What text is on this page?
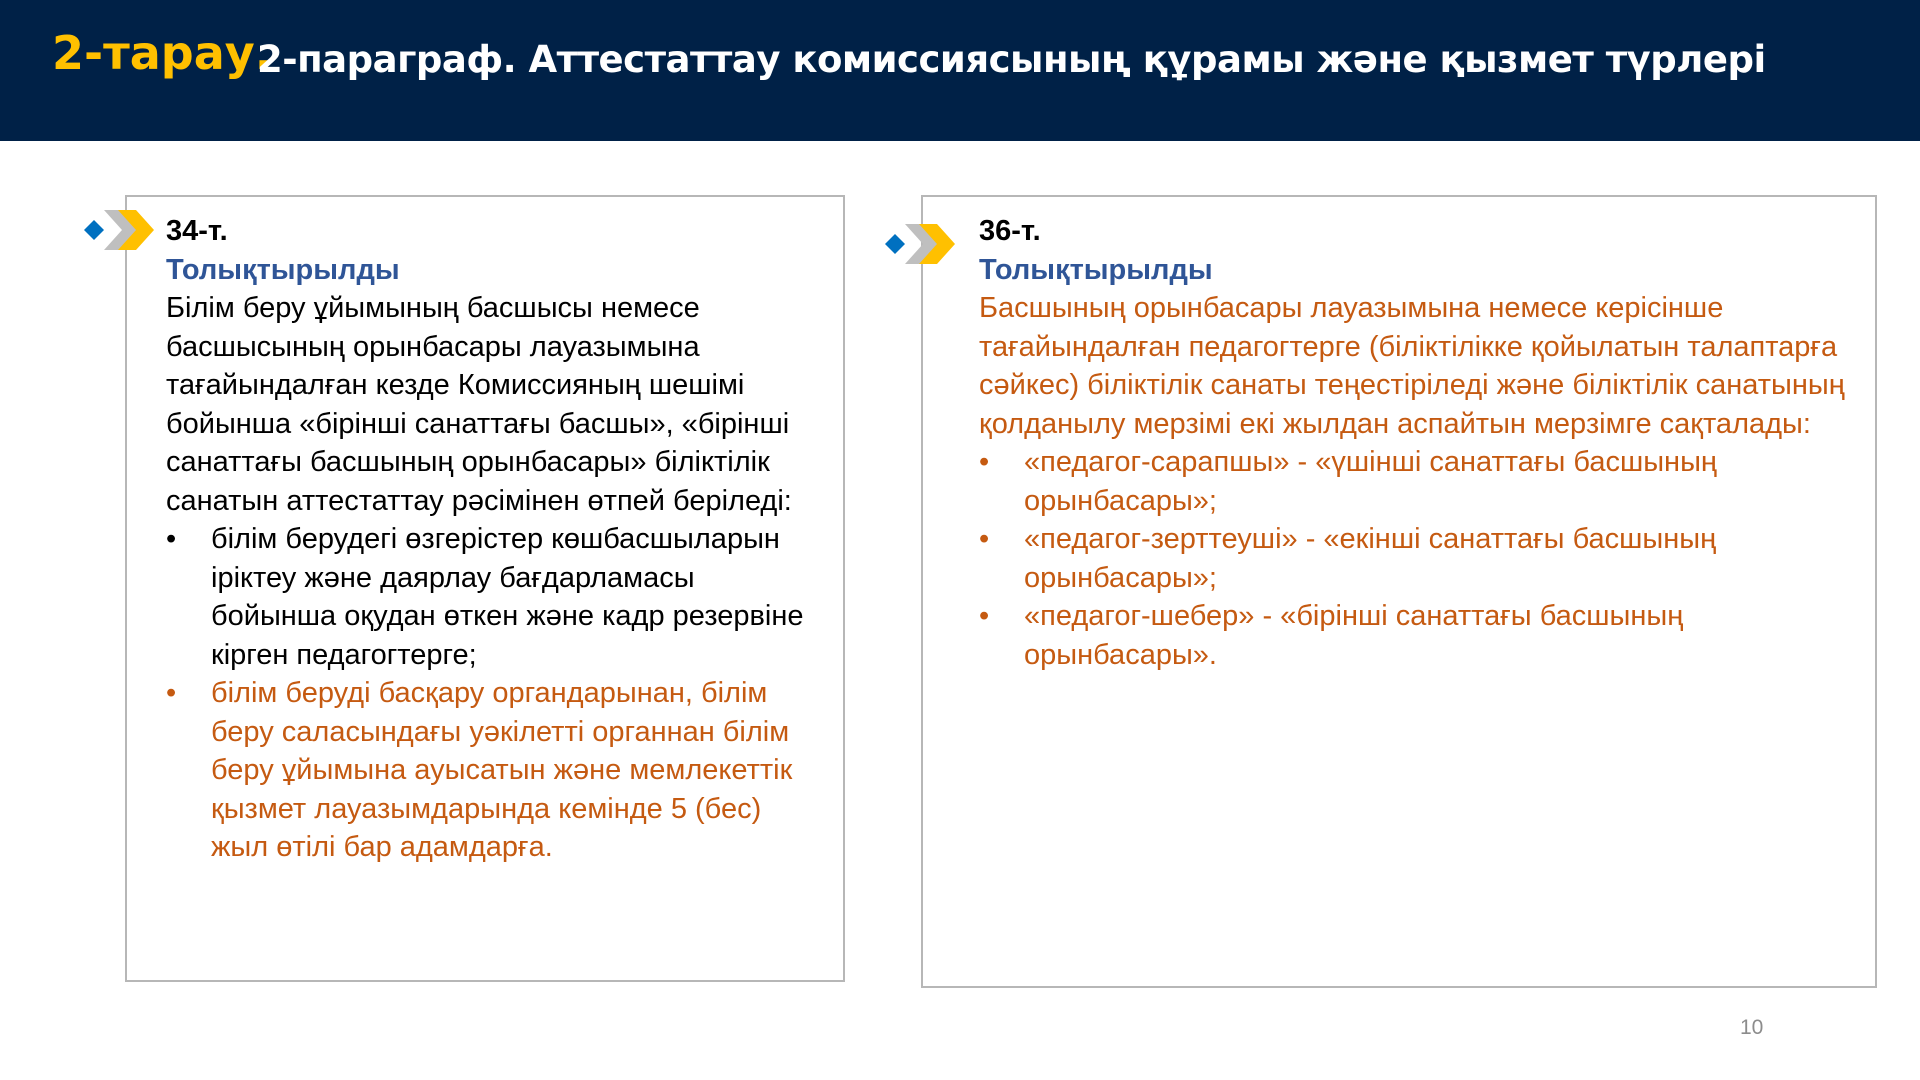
2-тарау.
2-параграф. Аттестаттау комиссиясының құрамы және қызмет түрлері
34-т.
Толықтырылды
Білім беру ұйымының басшысы немесе басшысының орынбасары лауазымына тағайындалған кезде Комиссияның шешімі бойынша «бірінші санаттағы басшы», «бірінші санаттағы басшының орынбасары» біліктілік санатын аттестаттау рәсімінен өтпей беріледі:
•	білім берудегі өзгерістер көшбасшыларын іріктеу және даярлау бағдарламасы бойынша оқудан өткен және кадр резервіне кірген педагогтерге;
•	білім беруді басқару органдарынан, білім беру саласындағы уәкілетті органнан білім беру ұйымына ауысатын және мемлекеттік қызмет лауазымдарында кемінде 5 (бес) жыл өтілі бар адамдарға.
36-т.
Толықтырылды
Басшының орынбасары лауазымына немесе керісінше тағайындалған педагогтерге (біліктілікке қойылатын талаптарға сәйкес) біліктілік санаты теңестіріледі және біліктілік санатының қолданылу мерзімі екі жылдан аспайтын мерзімге сақталады:
•	«педагог-сарапшы» - «үшінші санаттағы басшының орынбасары»;
•	«педагог-зерттеуші» - «екінші санаттағы басшының орынбасары»;
•	«педагог-шебер» - «бірінші санаттағы басшының орынбасары».
10
